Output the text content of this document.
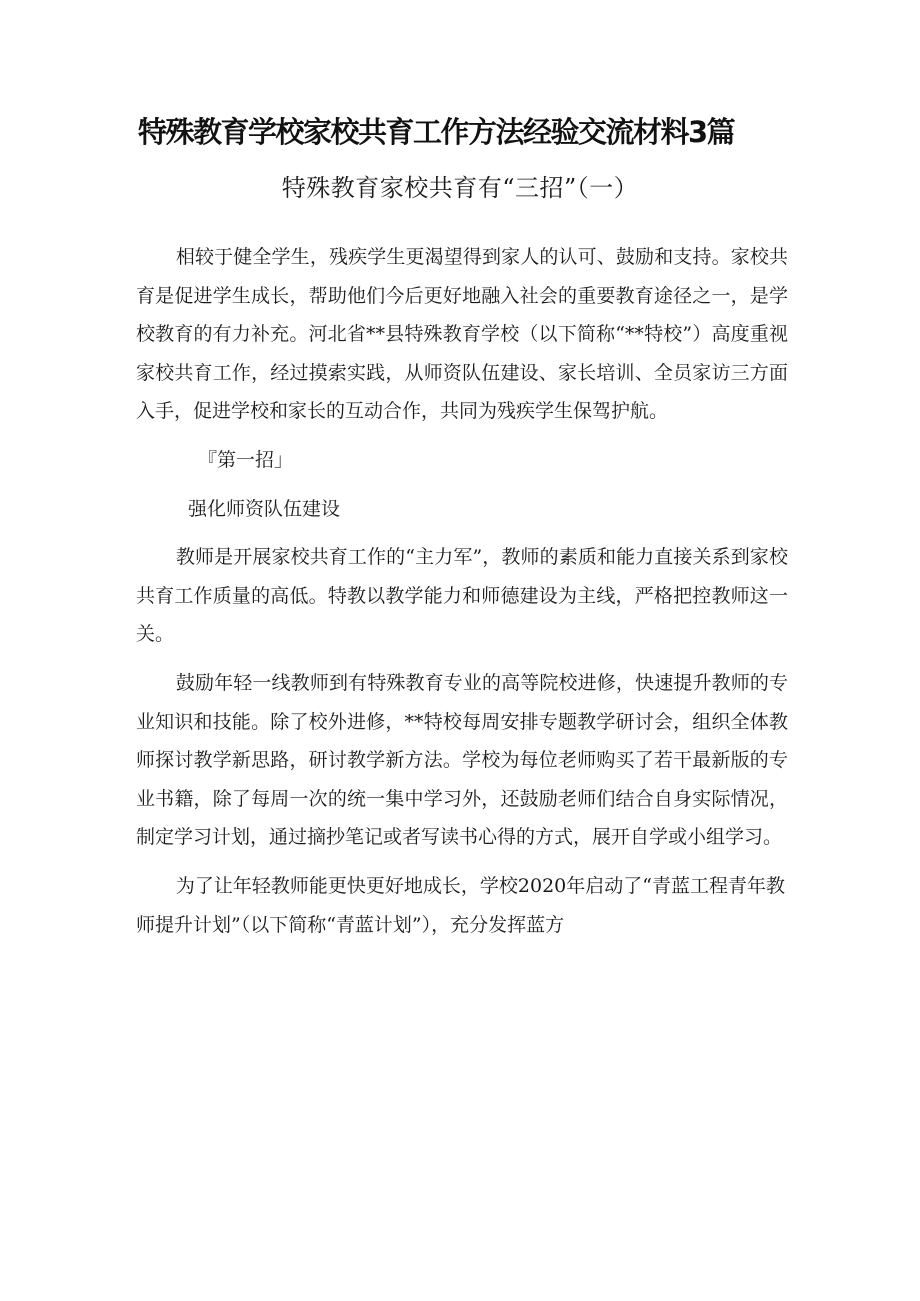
特殊教育学校家校共育工作方法经验交流材料3篇
特殊教育家校共育有“三招”（一）

相较于健全学生，残疾学生更渴望得到家人的认可、鼓励和支持。家校共育是促进学生成长，帮助他们今后更好地融入社会的重要教育途径之一，是学校教育的有力补充。河北省**县特殊教育学校（以下简称“**特校”）高度重视家校共育工作，经过摸索实践，从师资队伍建设、家长培训、全员家访三方面入手，促进学校和家长的互动合作，共同为残疾学生保驾护航。

『第一招」

强化师资队伍建设

教师是开展家校共育工作的“主力军”，教师的素质和能力直接关系到家校共育工作质量的高低。特教以教学能力和师德建设为主线，严格把控教师这一关。

鼓励年轻一线教师到有特殊教育专业的高等院校进修，快速提升教师的专业知识和技能。除了校外进修，**特校每周安排专题教学研讨会，组织全体教师探讨教学新思路，研讨教学新方法。学校为每位老师购买了若干最新版的专业书籍，除了每周一次的统一集中学习外，还鼓励老师们结合自身实际情况，制定学习计划，通过摘抄笔记或者写读书心得的方式，展开自学或小组学习。

为了让年轻教师能更快更好地成长，学校2020年启动了“青蓝工程青年教师提升计划”（以下简称“青蓝计划”），充分发挥蓝方
